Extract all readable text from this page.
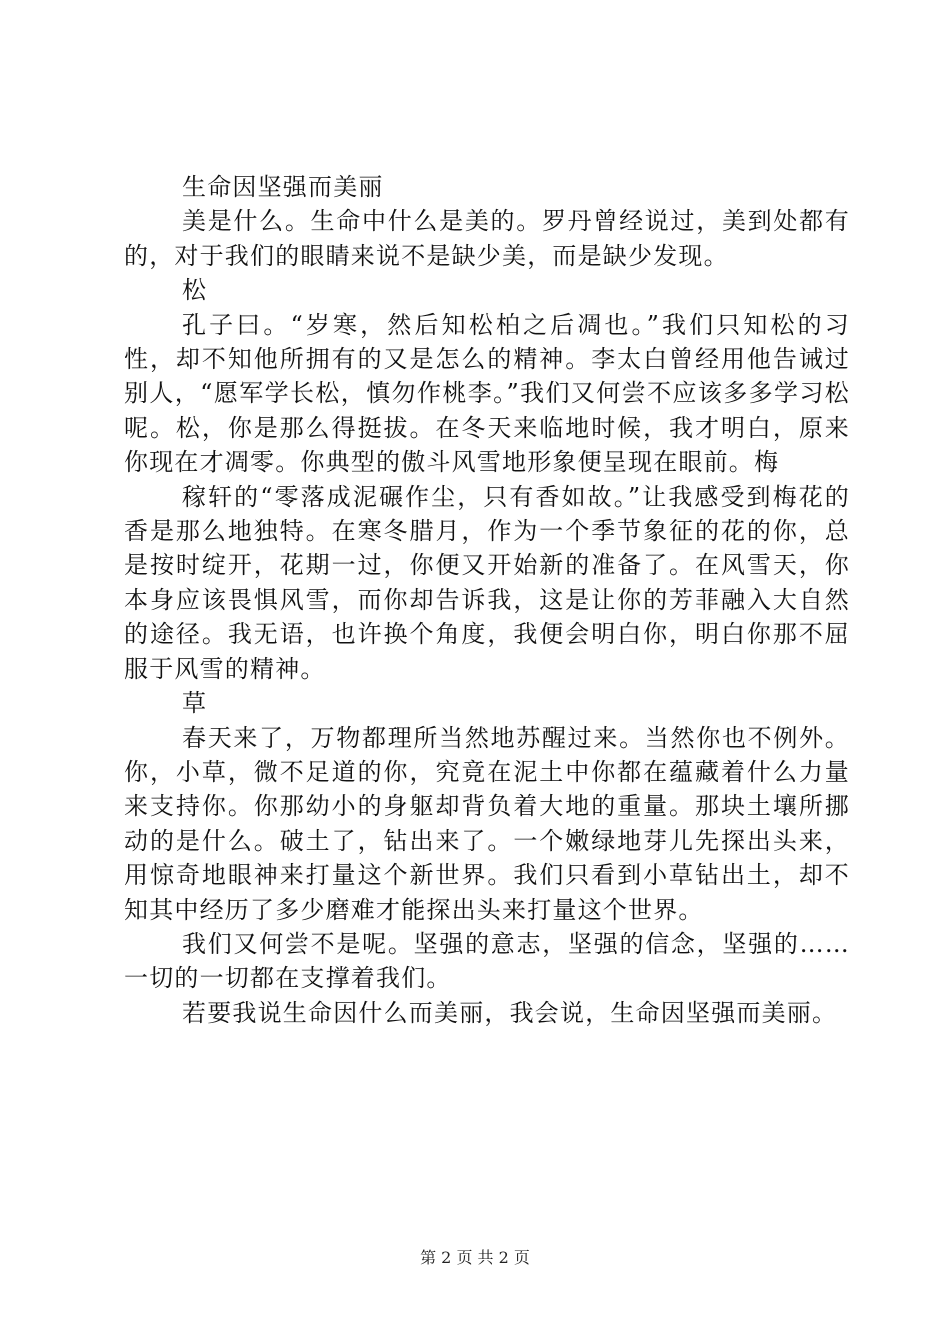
生命因坚强而美丽

美是什么。生命中什么是美的。罗丹曾经说过，美到处都有的，对于我们的眼睛来说不是缺少美，而是缺少发现。

松

孔子曰。“岁寒，然后知松柏之后凋也。”我们只知松的习性，却不知他所拥有的又是怎么的精神。李太白曾经用他告诫过别人，“愿军学长松，慎勿作桃李。”我们又何尝不应该多多学习松呢。松，你是那么得挺拔。在冬天来临地时候，我才明白，原来你现在才凋零。你典型的傲斗风雪地形象便呈现在眼前。梅

稼轩的“零落成泥碾作尘，只有香如故。”让我感受到梅花的香是那么地独特。在寒冬腊月，作为一个季节象征的花的你，总是按时绽开，花期一过，你便又开始新的准备了。在风雪天，你本身应该畏惧风雪，而你却告诉我，这是让你的芳菲融入大自然的途径。我无语，也许换个角度，我便会明白你，明白你那不屈服于风雪的精神。

草

春天来了，万物都理所当然地苏醒过来。当然你也不例外。你，小草，微不足道的你，究竟在泥土中你都在蕴藏着什么力量来支持你。你那幼小的身躯却背负着大地的重量。那块土壤所挪动的是什么。破土了，钻出来了。一个嫩绿地芽儿先探出头来，用惊奇地眼神来打量这个新世界。我们只看到小草钻出土，却不知其中经历了多少磨难才能探出头来打量这个世界。

我们又何尝不是呢。坚强的意志，坚强的信念，坚强的……一切的一切都在支撑着我们。

若要我说生命因什么而美丽，我会说，生命因坚强而美丽。

第 2 页 共 2 页
